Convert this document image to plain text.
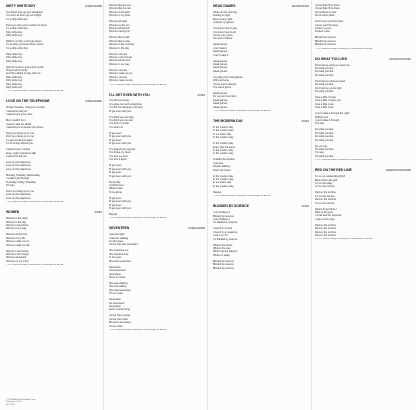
DIRTY WHITE BOY	JONES/GRAMM
You better lock up your daughters
You can't let them go out tonight
I'm a dirty white boy
Don't you want your mothers to know
I'm a dirty white boy
Dirty white boy
Dirty white boy
Well I'm so dirty I can't get clean
I'm so dirty you know what I mean
I'm a dirty white boy
Dirty white boy
Dirty white boy
Dirty white boy
Women come in and out of my life
They're all so pretty
And they all like to stay with me
Dirty white boy
Dirty white boy
Dirty white boy
Dirty white boy
© 1979 Somerset Songs Publishing Inc & Evansongs Ltd. ASCAP
LOVE ON THE TELEPHONE	JONES/GRAMM
All day Tuesday, I had your number
I wanted to call you
I wanted you to be mine
But I couldn't do it
'Cause I was too afraid
I wanted you to answer the phone
Don't you hang up on me
Don't you hang up on me
I'm gonna call you again
I'm so lonely without you
I wanted your number
Every night I wanted to talk
I wanted to tell you
Love on the telephone
Love on the telephone
Love on the telephone
Monday, Tuesday, Wednesday
I couldn't get through
Thursday, Friday, Saturday
No way
Don't you hang up on me
Love on the telephone
Love on the telephone
© 1979 Somerset Songs Publishing Inc & Evansongs Ltd. ASCAP
WOMEN	JONES
Women in the night
Women in the day
Women everywhere
Women in my way
Women all the time
Women in my life
Women make me cry
Women make me die
Women I can't resist
Women I can't forget
Women all around
Women on my mind
© 1979 Somerset Songs Publishing Inc & Evansongs Ltd. ASCAP
Women like the sun
Women like the rain
Women in the dark
Women in my brain
Women all night
Women on the run
Women all around
Women having fun
Women like to talk
Women like to play
Women in the morning
Women in the day
Women, women
Women I can't forget
Women all the time
Women in my way
Women, women
Women make me cry
Women, women
Women make me die
© 1979 Somerset Songs Publishing Inc & Evansongs Ltd. ASCAP
I'LL GET EVEN WITH YOU	JONES
You did me wrong
You gave me such a bad time
You left me hanging on the line
I'll get even with you
You think you can play
You think you can win
You took my heart
You took it in
I'll get even
I'll get even with you
I'll get even
I'll get even with you
You played your games
You broke my heart
You tore my soul
You tore it apart
I'll get even
I'll get even with you
I'll get even
I'll get even with you
Some day
You'll find out
What it's like
To be alone
I'll get even
I'll get even with you
I'll get even
I'll get even with you
Repeat
© 1979 Somerset Songs Publishing Inc & Evansongs Ltd. ASCAP
SEVENTEEN	JONES/GRAMM
Late last night
I saw her walking
On the street
I knew she was seventeen
She smiled at me
She had that look
In her eyes
She was seventeen
Seventeen
Just seventeen
Seventeen
She's so mean
She was walking
She was talking
She was seventeen
Oh so mean
Seventeen
So seventeen
Seventeen
Such a mean thing
I know she's young
I know she's wild
But she's seventeen
Oh so mean
© 1979 Somerset Songs Publishing Inc & Evansongs Ltd. ASCAP
HEAD GAMES	GRAMM/JONES
Woke up this morning
Feeling so right
Been a long night
I played my games
You know how to play
You know how to win
I know your game
I've seen it before
Head games
I can't take it
Head games
I can't make it
Head games
Head games
Head games
Head games
You play your head games
With everyone
I know you're playing
The same game
Head games
It's you and me baby
Head games
Head games
Head games
© 1979 Somerset Songs Publishing Inc & Evansongs Ltd. ASCAP
THE MODERN DAY	JONES
In the modern day
In the modern way
In a modern day
In the modern way
In the modern day
Every day the same
In the modern day
In the modern way
Outside the window
I can see
People walking
Down the street
In the modern day
In the modern way
In a modern day
In the modern way
Repeat
© 1979 Somerset Songs Publishing Inc & Evansongs Ltd. ASCAP
BLINDED BY SCIENCE	JONES
I can't believe it
Blinded by science
I can't believe it
I'm blinded by science
I read it in a book
I read it in a magazine
I see it on TV
I'm blinded by science
What is the future
What is the way
What's gonna happen
What's in today
Blinded by science
Blinded by science
Blinded by science
I know that I'll be there
I know that I'll be there
Somewhere in time
Some other place
And I know you'll be there
I know you'll be there
Forever young
Forever mine
Blinded by science
Blinded by science
Blinded by science
© 1979 Somerset Songs Publishing Inc & Evansongs Ltd. ASCAP
DO WHAT YOU LIKE	MCDONALD/JONES
Don't tell me what you want me
Do what you like
Do what you like
Do what you like
Don't tell me what you want
Do what you like
Don't tell me you're right
Do what you like
Give a little, I'll give
Give a little, I'll give you
Give a little more
Give a little more
I can't make it through the night
Without you
I can't make it through
The day
Do what you like
Do what you like
Do what you like
Do what you like
So you say
Do what you like
You say
Do what you like
© 1979 Somerset Songs Publishing Inc & Evansongs Ltd. ASCAP
RED ON THE RED LINE	GREENWOOD/GRAMM
I'm on an outstanding finish
Been drivin' all night
I'm on the edge
I'm on the red line
Red on the red line
I'm on the red line
Red on the red line
I'm on the red line
Wasn't long before I
Was so far gone
I could feel the pressure
I was on the edge
Red on the red line
Red on the red line
Red on the red line
Red on the red line
© 1979 Somerset Songs Publishing Inc & Evansongs Ltd. ASCAP
© 1979 Atlantic Recording Corp.
Printed in U.S.A.
SD 19251
